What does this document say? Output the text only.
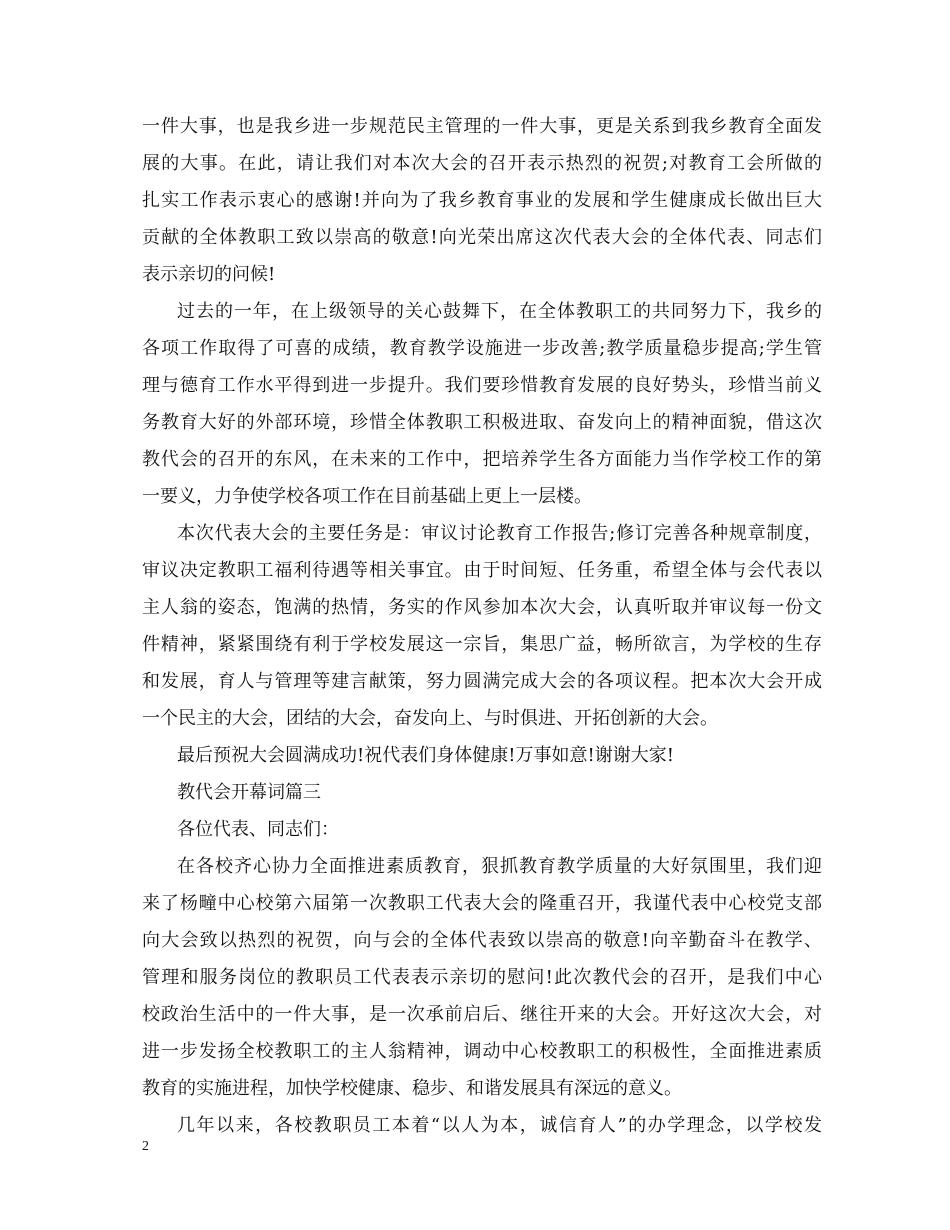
一件大事，也是我乡进一步规范民主管理的一件大事，更是关系到我乡教育全面发
展的大事。在此，请让我们对本次大会的召开表示热烈的祝贺;对教育工会所做的
扎实工作表示衷心的感谢!并向为了我乡教育事业的发展和学生健康成长做出巨大
贡献的全体教职工致以崇高的敬意!向光荣出席这次代表大会的全体代表、同志们
表示亲切的问候!
过去的一年，在上级领导的关心鼓舞下，在全体教职工的共同努力下，我乡的
各项工作取得了可喜的成绩，教育教学设施进一步改善;教学质量稳步提高;学生管
理与德育工作水平得到进一步提升。我们要珍惜教育发展的良好势头，珍惜当前义
务教育大好的外部环境，珍惜全体教职工积极进取、奋发向上的精神面貌，借这次
教代会的召开的东风，在未来的工作中，把培养学生各方面能力当作学校工作的第
一要义，力争使学校各项工作在目前基础上更上一层楼。
本次代表大会的主要任务是：审议讨论教育工作报告;修订完善各种规章制度，
审议决定教职工福利待遇等相关事宜。由于时间短、任务重，希望全体与会代表以
主人翁的姿态，饱满的热情，务实的作风参加本次大会，认真听取并审议每一份文
件精神，紧紧围绕有利于学校发展这一宗旨，集思广益，畅所欲言，为学校的生存
和发展，育人与管理等建言献策，努力圆满完成大会的各项议程。把本次大会开成
一个民主的大会，团结的大会，奋发向上、与时俱进、开拓创新的大会。
最后预祝大会圆满成功!祝代表们身体健康!万事如意!谢谢大家!
教代会开幕词篇三
各位代表、同志们：
在各校齐心协力全面推进素质教育，狠抓教育教学质量的大好氛围里，我们迎
来了杨疃中心校第六届第一次教职工代表大会的隆重召开，我谨代表中心校党支部
向大会致以热烈的祝贺，向与会的全体代表致以崇高的敬意!向辛勤奋斗在教学、
管理和服务岗位的教职员工代表表示亲切的慰问!此次教代会的召开，是我们中心
校政治生活中的一件大事，是一次承前启后、继往开来的大会。开好这次大会，对
进一步发扬全校教职工的主人翁精神，调动中心校教职工的积极性，全面推进素质
教育的实施进程，加快学校健康、稳步、和谐发展具有深远的意义。
几年以来，各校教职员工本着“以人为本，诚信育人”的办学理念，以学校发
2
